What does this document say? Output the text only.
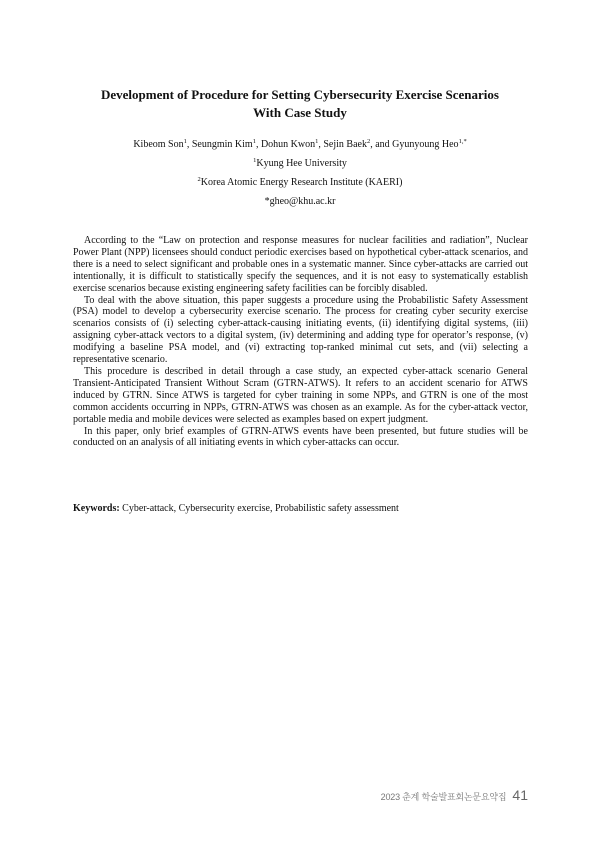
Development of Procedure for Setting Cybersecurity Exercise Scenarios
With Case Study
Kibeom Son$^1$, Seungmin Kim$^1$, Dohun Kwon$^1$, Sejin Baek$^2$, and Gyunyoung Heo$^{1,*}$
$^1$Kyung Hee University
$^2$Korea Atomic Energy Research Institute (KAERI)
*gheo@khu.ac.kr

According to the “Law on protection and response measures for nuclear facilities and radiation”, Nuclear Power Plant (NPP) licensees should conduct periodic exercises based on hypothetical cyber-attack scenarios, and there is a need to select significant and probable ones in a systematic manner. Since cyber-attacks are carried out intentionally, it is difficult to statistically specify the sequences, and it is not easy to systematically establish exercise scenarios because existing engineering safety facilities can be forcibly disabled.

To deal with the above situation, this paper suggests a procedure using the Probabilistic Safety Assessment (PSA) model to develop a cybersecurity exercise scenario. The process for creating cyber security exercise scenarios consists of (i) selecting cyber-attack-causing initiating events, (ii) identifying digital systems, (iii) assigning cyber-attack vectors to a digital system, (iv) determining and adding type for operator’s response, (v) modifying a baseline PSA model, and (vi) extracting top-ranked minimal cut sets, and (vii) selecting a representative scenario.

This procedure is described in detail through a case study, an expected cyber-attack scenario General Transient-Anticipated Transient Without Scram (GTRN-ATWS). It refers to an accident scenario for ATWS induced by GTRN. Since ATWS is targeted for cyber training in some NPPs, and GTRN is one of the most common accidents occurring in NPPs, GTRN-ATWS was chosen as an example. As for the cyber-attack vector, portable media and mobile devices were selected as examples based on expert judgment.

In this paper, only brief examples of GTRN-ATWS events have been presented, but future studies will be conducted on an analysis of all initiating events in which cyber-attacks can occur.

Keywords: Cyber-attack, Cybersecurity exercise, Probabilistic safety assessment
2023 춘계 학술발표회논문요약집 41
